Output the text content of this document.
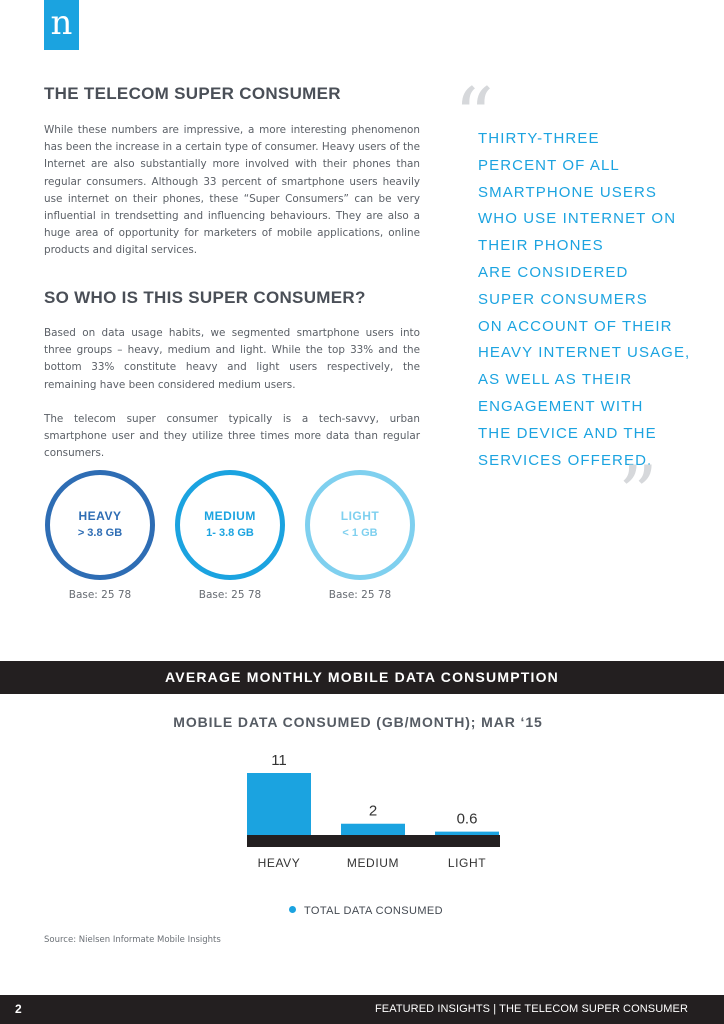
n
THE TELECOM SUPER CONSUMER

While these numbers are impressive, a more interesting phenomenon has been the increase in a certain type of consumer. Heavy users of the Internet are also substantially more involved with their phones than regular consumers. Although 33 percent of smartphone users heavily use internet on their phones, these “Super Consumers” can be very influential in trendsetting and influencing behaviours. They are also a huge area of opportunity for marketers of mobile applications, online products and digital services.

SO WHO IS THIS SUPER CONSUMER?

Based on data usage habits, we segmented smartphone users into three groups – heavy, medium and light. While the top 33% and the bottom 33% constitute heavy and light users respectively, the remaining have been considered medium users.

The telecom super consumer typically is a tech-savvy, urban smartphone user and they utilize three times more data than regular consumers.

“
THIRTY-THREE
PERCENT OF ALL
SMARTPHONE USERS
WHO USE INTERNET ON
THEIR PHONES
ARE CONSIDERED
SUPER CONSUMERS
ON ACCOUNT OF THEIR
HEAVY INTERNET USAGE,
AS WELL AS THEIR
ENGAGEMENT WITH
THE DEVICE AND THE
SERVICES OFFERED.
”
HEAVY
> 3.8 GB
MEDIUM
1- 3.8 GB
LIGHT
< 1 GB
Base: 25 78	Base: 25 78	Base: 25 78
AVERAGE MONTHLY MOBILE DATA CONSUMPTION
MOBILE DATA CONSUMED (GB/MONTH); MAR ‘15
11
HEAVY
2
MEDIUM
0.6
LIGHT
TOTAL DATA CONSUMED
Source: Nielsen Informate Mobile Insights
2	FEATURED INSIGHTS | THE TELECOM SUPER CONSUMER
